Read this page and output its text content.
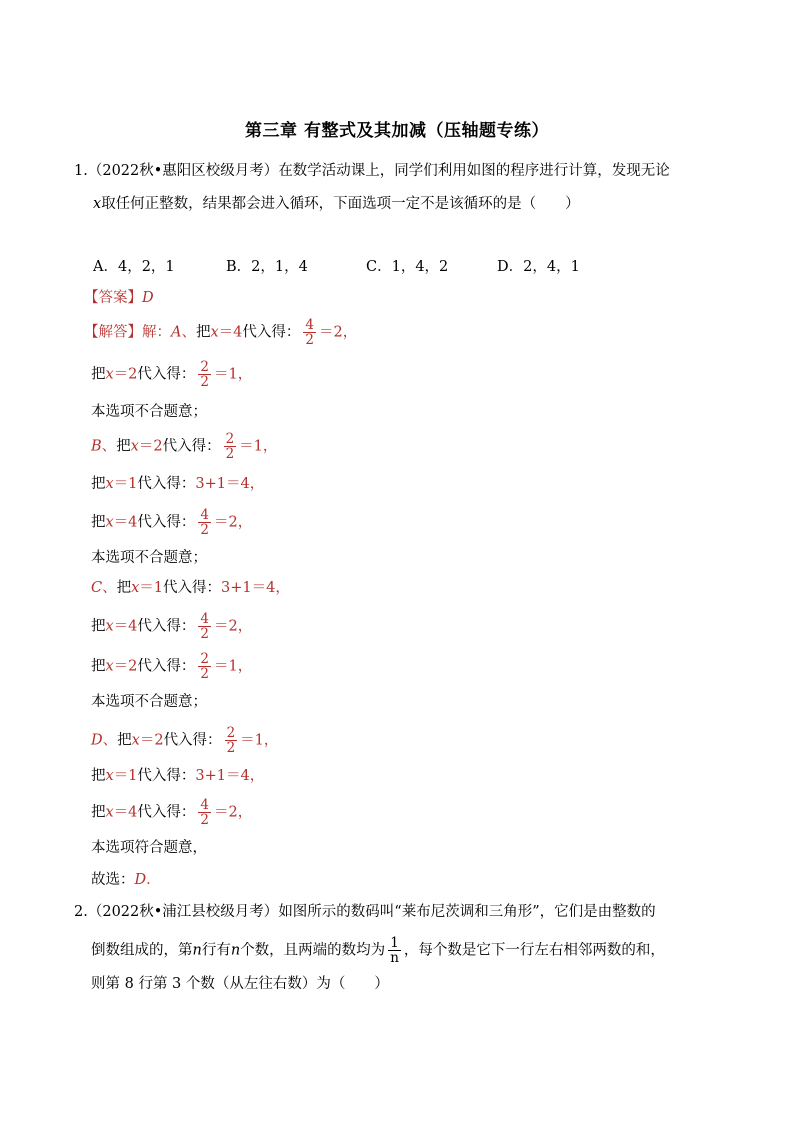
第三章 有整式及其加减（压轴题专练）
1.（2022秋•惠阳区校级月考）在数学活动课上，同学们利用如图的程序进行计算，发现无论
x取任何正整数，结果都会进入循环，下面选项一定不是该循环的是（　　）
A．4，2，1	B．2，1，4	C．1，4，2	D．2，4，1
【答案】D
【解答】解：A、把x＝4代入得： $\frac{4}{2} =2$，
把x＝2代入得： $\frac{2}{2} =1$，
本选项不合题意；
B、把x＝2代入得： $\frac{2}{2} =1$，
把x＝1代入得：3+1＝4，
把x＝4代入得： $\frac{4}{2} =2$，
本选项不合题意；
C、把x＝1代入得：3+1＝4，
把x＝4代入得： $\frac{4}{2} =2$，
把x＝2代入得： $\frac{2}{2} =1$，
本选项不合题意；
D、把x＝2代入得： $\frac{2}{2} =1$，
把x＝1代入得：3+1＝4，
把x＝4代入得： $\frac{4}{2} =2$，
本选项符合题意，
故选：D．
2.（2022秋•浦江县校级月考）如图所示的数码叫“莱布尼茨调和三角形”，它们是由整数的
倒数组成的，第n行有n个数，且两端的数均为 $\frac{1}{n}$ ，每个数是它下一行左右相邻两数的和，
则第 8 行第 3 个数（从左往右数）为（　　）
